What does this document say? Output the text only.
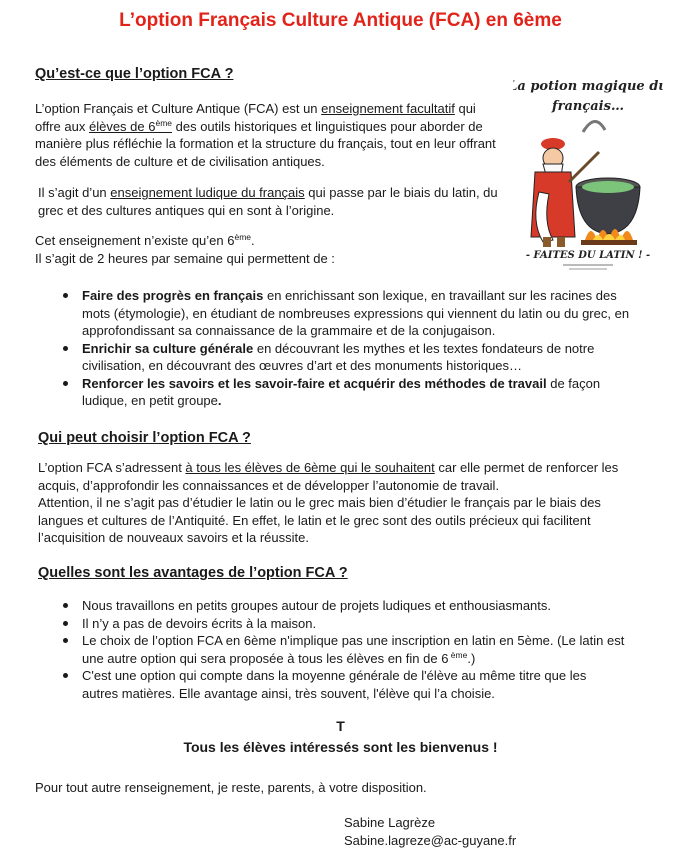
L’option Français Culture Antique (FCA) en 6ème
Qu’est-ce que l’option FCA ?

L’option Français et Culture Antique (FCA) est un enseignement facultatif qui offre aux élèves de 6ème des outils historiques et linguistiques pour aborder de manière plus réfléchie la formation et la structure du français, tout en leur offrant des éléments de culture et de civilisation antiques.

Il s’agit d’un enseignement ludique du français qui passe par le biais du latin, du grec et des cultures antiques qui en sont à l’origine.

Cet enseignement n’existe qu’en 6ème.

Il s’agit de 2 heures par semaine qui permettent de :

Faire des progrès en français en enrichissant son lexique, en travaillant sur les racines des mots (étymologie), en étudiant de nombreuses expressions qui viennent du latin ou du grec, en approfondissant sa connaissance de la grammaire et de la conjugaison.
Enrichir sa culture générale en découvrant les mythes et les textes fondateurs de notre civilisation, en découvrant des œuvres d’art et des monuments historiques…
Renforcer les savoirs et les savoir-faire et acquérir des méthodes de travail de façon ludique, en petit groupe.
La potion magique du
français…
- FAITES DU LATIN ! -
Qui peut choisir l’option FCA ?

L’option FCA s’adressent à tous les élèves de 6ème qui le souhaitent car elle permet de renforcer les acquis, d’approfondir les connaissances et de développer l’autonomie de travail.

Attention, il ne s’agit pas d’étudier le latin ou le grec mais bien d’étudier le français par le biais des langues et cultures de l’Antiquité. En effet, le latin et le grec sont des outils précieux qui facilitent l’acquisition de nouveaux savoirs et la réussite.

Quelles sont les avantages de l’option FCA ?
Nous travaillons en petits groupes autour de projets ludiques et enthousiasmants.
Il n’y a pas de devoirs écrits à la maison.
Le choix de l’option FCA en 6ème n'implique pas une inscription en latin en 5ème. (Le latin est une autre option qui sera proposée à tous les élèves en fin de 6 $^{ème}$.)
C'est une option qui compte dans la moyenne générale de l'élève au même titre que les autres matières. Elle avantage ainsi, très souvent, l'élève qui l’a choisie.
T
Tous les élèves intéressés sont les bienvenus !
Pour tout autre renseignement, je reste, parents, à votre disposition.

Sabine Lagrèze

Sabine.lagreze@ac-guyane.fr
